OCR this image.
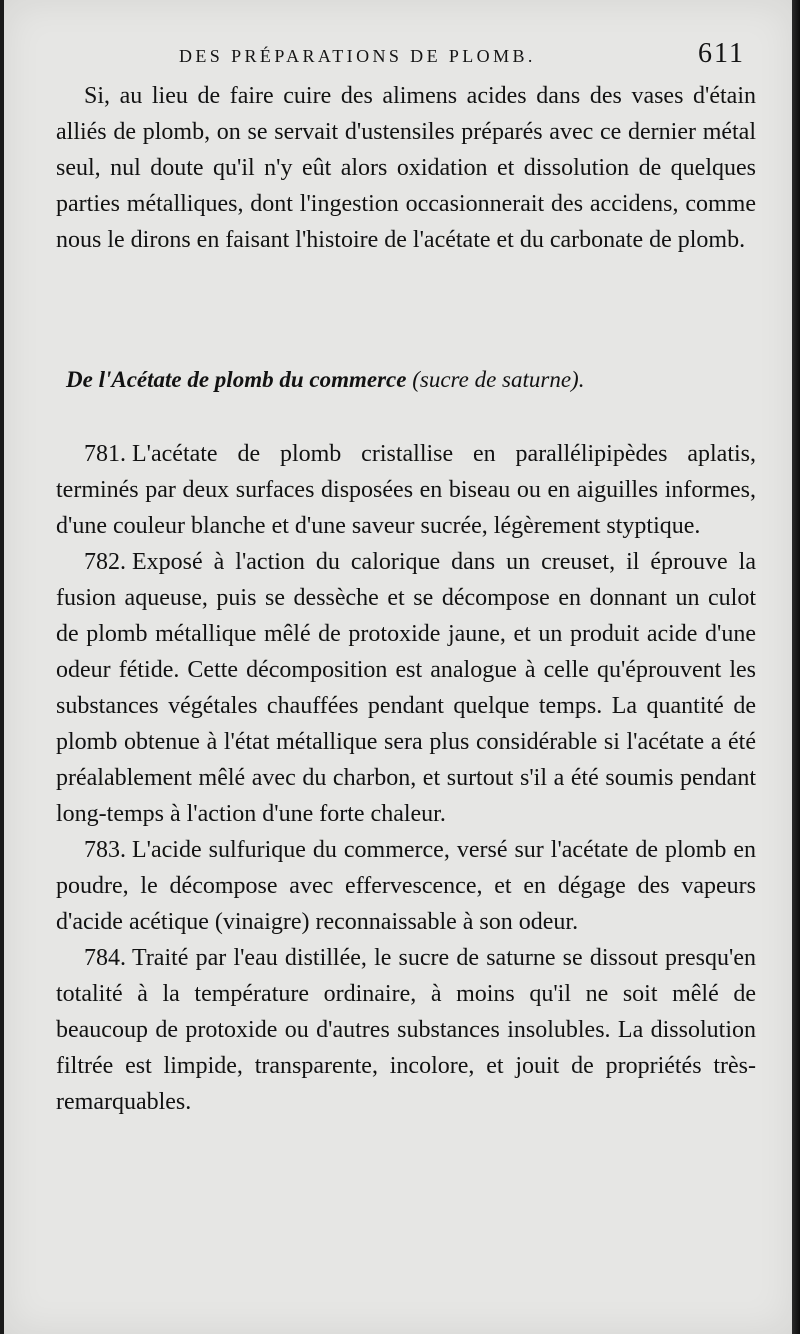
DES PRÉPARATIONS DE PLOMB.	611

Si, au lieu de faire cuire des alimens acides dans des vases d'étain alliés de plomb, on se servait d'ustensiles préparés avec ce dernier métal seul, nul doute qu'il n'y eût alors oxidation et dissolution de quelques parties métalliques, dont l'ingestion occasionnerait des accidens, comme nous le dirons en faisant l'histoire de l'acétate et du carbonate de plomb.

De l'Acétate de plomb du commerce (sucre de saturne).

781. L'acétate de plomb cristallise en parallélipipèdes aplatis, terminés par deux surfaces disposées en biseau ou en aiguilles informes, d'une couleur blanche et d'une saveur sucrée, légèrement styptique.

782. Exposé à l'action du calorique dans un creuset, il éprouve la fusion aqueuse, puis se dessèche et se décompose en donnant un culot de plomb métallique mêlé de protoxide jaune, et un produit acide d'une odeur fétide. Cette décomposition est analogue à celle qu'éprouvent les substances végétales chauffées pendant quelque temps. La quantité de plomb obtenue à l'état métallique sera plus considérable si l'acétate a été préalablement mêlé avec du charbon, et surtout s'il a été soumis pendant long-temps à l'action d'une forte chaleur.

783. L'acide sulfurique du commerce, versé sur l'acétate de plomb en poudre, le décompose avec effervescence, et en dégage des vapeurs d'acide acétique (vinaigre) reconnaissable à son odeur.

784. Traité par l'eau distillée, le sucre de saturne se dissout presqu'en totalité à la température ordinaire, à moins qu'il ne soit mêlé de beaucoup de protoxide ou d'autres substances insolubles. La dissolution filtrée est limpide, transparente, incolore, et jouit de propriétés très-remarquables.
